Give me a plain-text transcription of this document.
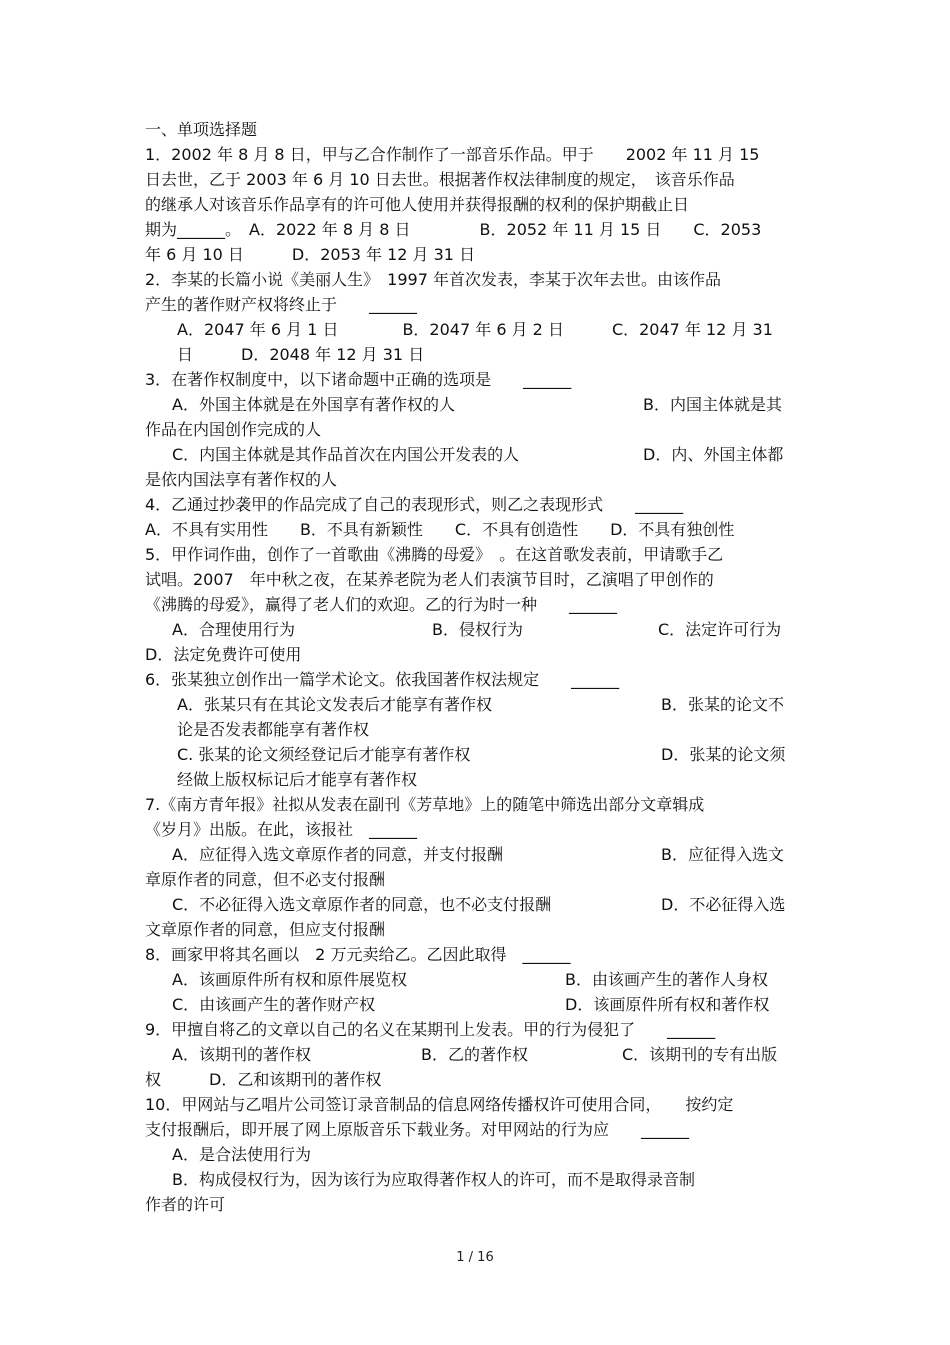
一、单项选择题
1．2002 年 8 月 8 日，甲与乙合作制作了一部音乐作品。甲于　　2002 年 11 月 15
日去世，乙于 2003 年 6 月 10 日去世。根据著作权法律制度的规定，　该音乐作品
的继承人对该音乐作品享有的许可他人使用并获得报酬的权利的保护期截止日
期为______。　A．2022 年 8 月 8 日　　　　 B．2052 年 11 月 15 日　　C．2053
年 6 月 10 日　　　D．2053 年 12 月 31 日
2．李某的长篇小说《美丽人生》　1997 年首次发表，李某于次年去世。由该作品
产生的著作财产权将终止于　　______
A．2047 年 6 月 1 日　　　　B．2047 年 6 月 2 日　　　C．2047 年 12 月 31
日　　　D．2048 年 12 月 31 日
3．在著作权制度中，以下诸命题中正确的选项是　　______
A．外国主体就是在外国享有著作权的人	B．内国主体就是其
作品在内国创作完成的人
C．内国主体就是其作品首次在内国公开发表的人	D．内、外国主体都
是依内国法享有著作权的人
4．乙通过抄袭甲的作品完成了自己的表现形式，则乙之表现形式　　______
A．不具有实用性　　B．不具有新颖性　　C．不具有创造性　　D．不具有独创性
5．甲作词作曲，创作了一首歌曲《沸腾的母爱》　。在这首歌发表前，甲请歌手乙
试唱。2007　年中秋之夜，在某养老院为老人们表演节目时，乙演唱了甲创作的
《沸腾的母爱》，赢得了老人们的欢迎。乙的行为时一种　　______
A．合理使用行为	B．侵权行为	C．法定许可行为
D．法定免费许可使用
6．张某独立创作出一篇学术论文。依我国著作权法规定　　______
A．张某只有在其论文发表后才能享有著作权	B．张某的论文不
论是否发表都能享有著作权
C. 张某的论文须经登记后才能享有著作权	D．张某的论文须
经做上版权标记后才能享有著作权
7.《南方青年报》社拟从发表在副刊《芳草地》上的随笔中筛选出部分文章辑成
《岁月》出版。在此，该报社　______
A．应征得入选文章原作者的同意，并支付报酬	B．应征得入选文
章原作者的同意，但不必支付报酬
C．不必征得入选文章原作者的同意，也不必支付报酬	D．不必征得入选
文章原作者的同意，但应支付报酬
8．画家甲将其名画以　2 万元卖给乙。乙因此取得　______
A．该画原件所有权和原件展览权	B．由该画产生的著作人身权
C．由该画产生的著作财产权	D．该画原件所有权和著作权
9．甲擅自将乙的文章以自己的名义在某期刊上发表。甲的行为侵犯了　　______
A．该期刊的著作权	B．乙的著作权	C．该期刊的专有出版
权　　　D．乙和该期刊的著作权
10．甲网站与乙唱片公司签订录音制品的信息网络传播权许可使用合同，　　按约定
支付报酬后，即开展了网上原版音乐下载业务。对甲网站的行为应　　______
A．是合法使用行为
B．构成侵权行为，因为该行为应取得著作权人的许可，而不是取得录音制
作者的许可
1 / 16
